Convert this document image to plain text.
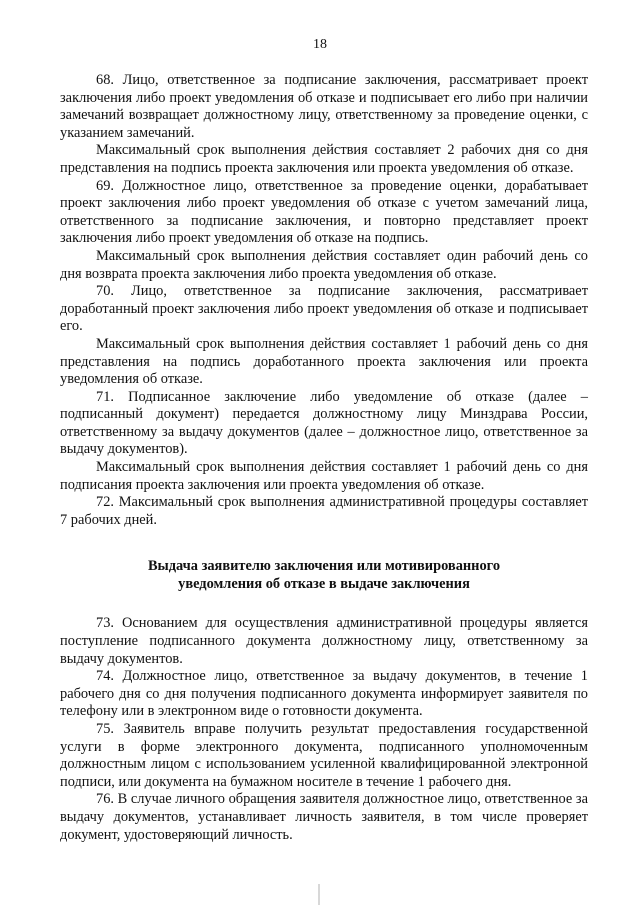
18

68. Лицо, ответственное за подписание заключения, рассматривает проект заключения либо проект уведомления об отказе и подписывает его либо при наличии замечаний возвращает должностному лицу, ответственному за проведение оценки, с указанием замечаний.

Максимальный срок выполнения действия составляет 2 рабочих дня со дня представления на подпись проекта заключения или проекта уведомления об отказе.

69. Должностное лицо, ответственное за проведение оценки, дорабатывает проект заключения либо проект уведомления об отказе с учетом замечаний лица, ответственного за подписание заключения, и повторно представляет проект заключения либо проект уведомления об отказе на подпись.

Максимальный срок выполнения действия составляет один рабочий день со дня возврата проекта заключения либо проекта уведомления об отказе.

70. Лицо, ответственное за подписание заключения, рассматривает доработанный проект заключения либо проект уведомления об отказе и подписывает его.

Максимальный срок выполнения действия составляет 1 рабочий день со дня представления на подпись доработанного проекта заключения или проекта уведомления об отказе.

71. Подписанное заключение либо уведомление об отказе (далее – подписанный документ) передается должностному лицу Минздрава России, ответственному за выдачу документов (далее – должностное лицо, ответственное за выдачу документов).

Максимальный срок выполнения действия составляет 1 рабочий день со дня подписания проекта заключения или проекта уведомления об отказе.

72. Максимальный срок выполнения административной процедуры составляет 7 рабочих дней.

Выдача заявителю заключения или мотивированного
уведомления об отказе в выдаче заключения

73. Основанием для осуществления административной процедуры является поступление подписанного документа должностному лицу, ответственному за выдачу документов.

74. Должностное лицо, ответственное за выдачу документов, в течение 1 рабочего дня со дня получения подписанного документа информирует заявителя по телефону или в электронном виде о готовности документа.

75. Заявитель вправе получить результат предоставления государственной услуги в форме электронного документа, подписанного уполномоченным должностным лицом с использованием усиленной квалифицированной электронной подписи, или документа на бумажном носителе в течение 1 рабочего дня.

76. В случае личного обращения заявителя должностное лицо, ответственное за выдачу документов, устанавливает личность заявителя, в том числе проверяет документ, удостоверяющий личность.
